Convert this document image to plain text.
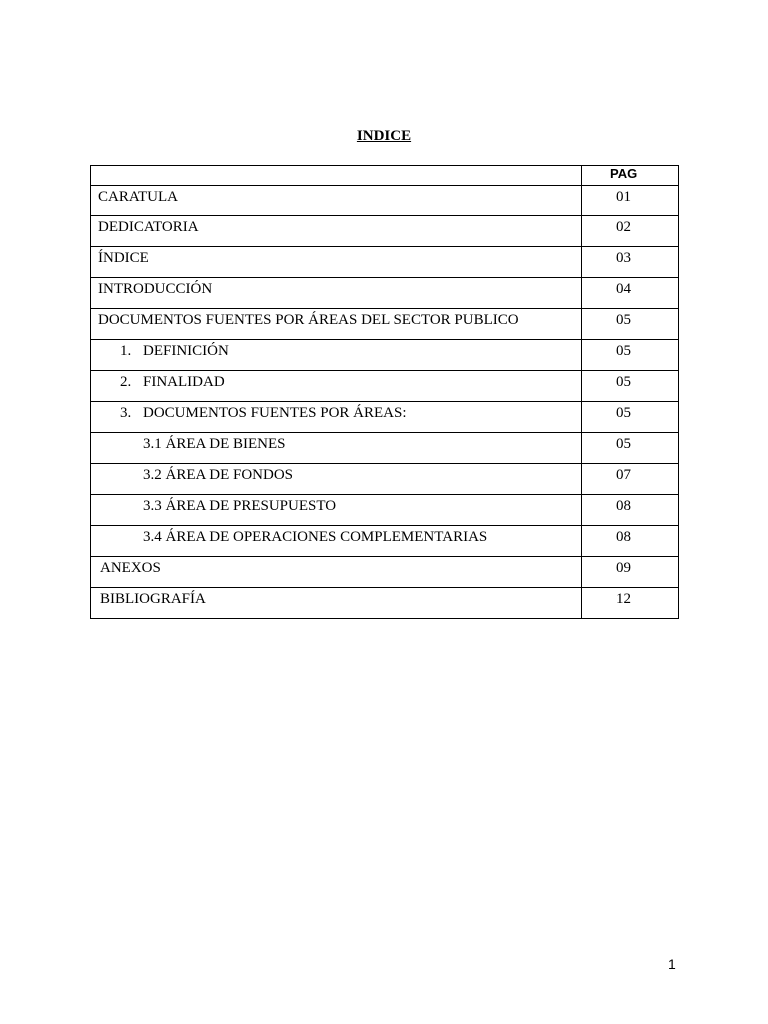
INDICE
	PAG
CARATULA	01
DEDICATORIA	02
ÍNDICE	03
INTRODUCCIÓN	04
DOCUMENTOS FUENTES POR ÁREAS DEL SECTOR PUBLICO	05
1. DEFINICIÓN	05
2. FINALIDAD	05
3. DOCUMENTOS FUENTES POR ÁREAS:	05
3.1 ÁREA DE BIENES	05
3.2 ÁREA DE FONDOS	07
3.3 ÁREA DE PRESUPUESTO	08
3.4 ÁREA DE OPERACIONES COMPLEMENTARIAS	08
ANEXOS	09
BIBLIOGRAFÍA	12
1
